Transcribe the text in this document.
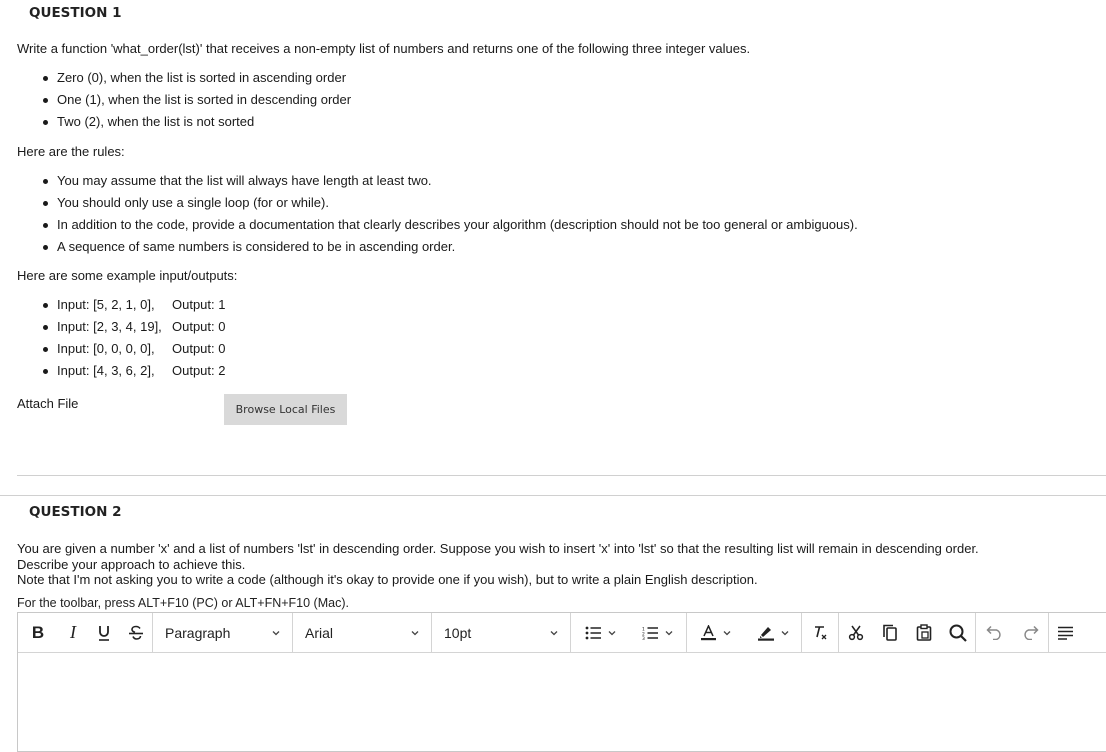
QUESTION 1
Write a function 'what_order(lst)' that receives a non-empty list of numbers and returns one of the following three integer values.
Zero (0), when the list is sorted in ascending order
One (1), when the list is sorted in descending order
Two (2), when the list is not sorted
Here are the rules:
You may assume that the list will always have length at least two.
You should only use a single loop (for or while).
In addition to the code, provide a documentation that clearly describes your algorithm (description should not be too general or ambiguous).
A sequence of same numbers is considered to be in ascending order.
Here are some example input/outputs:
Input: [5, 2, 1, 0], Output: 1
Input: [2, 3, 4, 19], Output: 0
Input: [0, 0, 0, 0], Output: 0
Input: [4, 3, 6, 2], Output: 2
Attach File	Browse Local Files
QUESTION 2
You are given a number 'x' and a list of numbers 'lst' in descending order. Suppose you wish to insert 'x' into 'lst' so that the resulting list will remain in descending order.
Describe your approach to achieve this.
Note that I'm not asking you to write a code (although it's okay to provide one if you wish), but to write a plain English description.
For the toolbar, press ALT+F10 (PC) or ALT+FN+F10 (Mac).
B I	Paragraph	Arial	10pt	1
2
3
